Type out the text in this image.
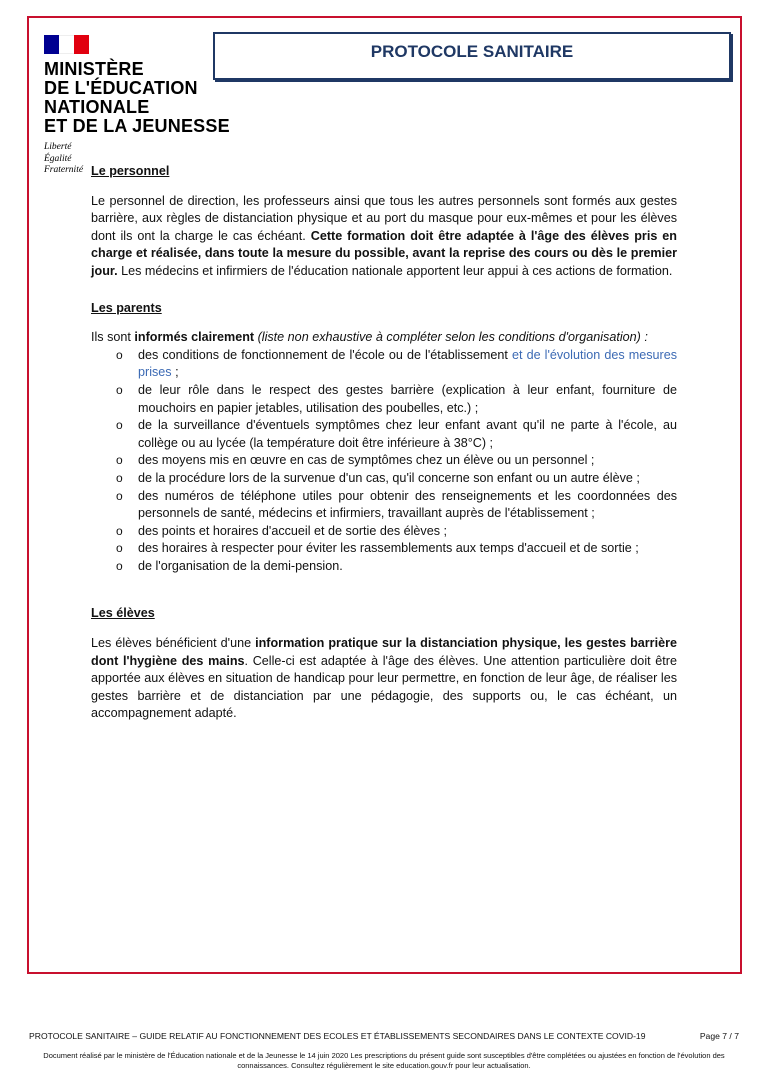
MINISTÈRE
DE L'ÉDUCATION
NATIONALE
ET DE LA JEUNESSE
Liberté
Égalité
Fraternité
PROTOCOLE SANITAIRE

Le personnel

Le personnel de direction, les professeurs ainsi que tous les autres personnels sont formés aux gestes barrière, aux règles de distanciation physique et au port du masque pour eux-mêmes et pour les élèves dont ils ont la charge le cas échéant. Cette formation doit être adaptée à l'âge des élèves pris en charge et réalisée, dans toute la mesure du possible, avant la reprise des cours ou dès le premier jour. Les médecins et infirmiers de l'éducation nationale apportent leur appui à ces actions de formation.

Les parents

Ils sont informés clairement (liste non exhaustive à compléter selon les conditions d'organisation) :

o des conditions de fonctionnement de l'école ou de l'établissement et de l'évolution des mesures prises ;
o de leur rôle dans le respect des gestes barrière (explication à leur enfant, fourniture de mouchoirs en papier jetables, utilisation des poubelles, etc.) ;
o de la surveillance d'éventuels symptômes chez leur enfant avant qu'il ne parte à l'école, au collège ou au lycée (la température doit être inférieure à 38°C) ;
o des moyens mis en œuvre en cas de symptômes chez un élève ou un personnel ;
o de la procédure lors de la survenue d'un cas, qu'il concerne son enfant ou un autre élève ;
o des numéros de téléphone utiles pour obtenir des renseignements et les coordonnées des personnels de santé, médecins et infirmiers, travaillant auprès de l'établissement ;
o des points et horaires d'accueil et de sortie des élèves ;
o des horaires à respecter pour éviter les rassemblements aux temps d'accueil et de sortie ;
o de l'organisation de la demi-pension.

Les élèves

Les élèves bénéficient d'une information pratique sur la distanciation physique, les gestes barrière dont l'hygiène des mains. Celle-ci est adaptée à l'âge des élèves. Une attention particulière doit être apportée aux élèves en situation de handicap pour leur permettre, en fonction de leur âge, de réaliser les gestes barrière et de distanciation par une pédagogie, des supports ou, le cas échéant, un accompagnement adapté.

PROTOCOLE SANITAIRE – GUIDE RELATIF AU FONCTIONNEMENT DES ECOLES ET ÉTABLISSEMENTS SECONDAIRES DANS LE CONTEXTE COVID-19	Page 7 / 7
Document réalisé par le ministère de l'Éducation nationale et de la Jeunesse le 14 juin 2020 Les prescriptions du présent guide sont susceptibles d'être complétées ou ajustées en fonction de l'évolution des
connaissances. Consultez régulièrement le site education.gouv.fr pour leur actualisation.
